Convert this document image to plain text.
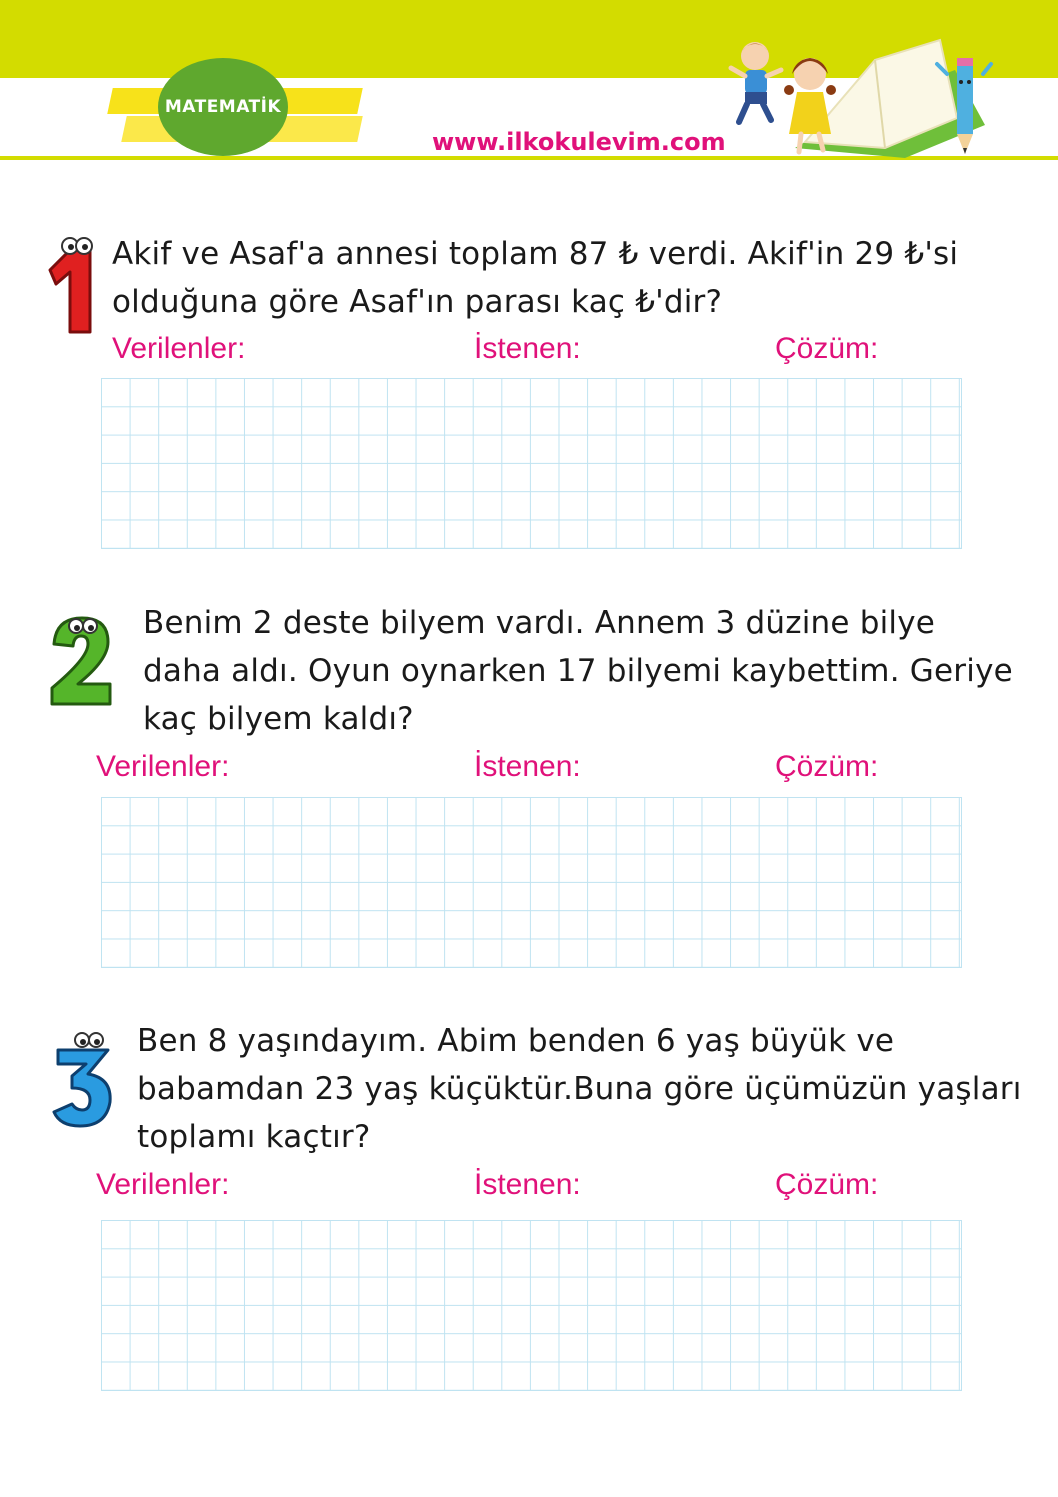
MATEMATİK
www.ilkokulevim.com
Akif ve Asaf'a annesi toplam 87 ₺ verdi. Akif'in 29 ₺'si
olduğuna göre Asaf'ın parası kaç ₺'dir?
Verilenler:	İstenen:	Çözüm:
Benim 2 deste bilyem vardı. Annem 3 düzine bilye
daha aldı. Oyun oynarken 17 bilyemi kaybettim. Geriye
kaç bilyem kaldı?
Verilenler:	İstenen:	Çözüm:
Ben 8 yaşındayım. Abim benden 6 yaş büyük ve
babamdan 23 yaş küçüktür.Buna göre üçümüzün yaşları
toplamı kaçtır?
Verilenler:	İstenen:	Çözüm:
